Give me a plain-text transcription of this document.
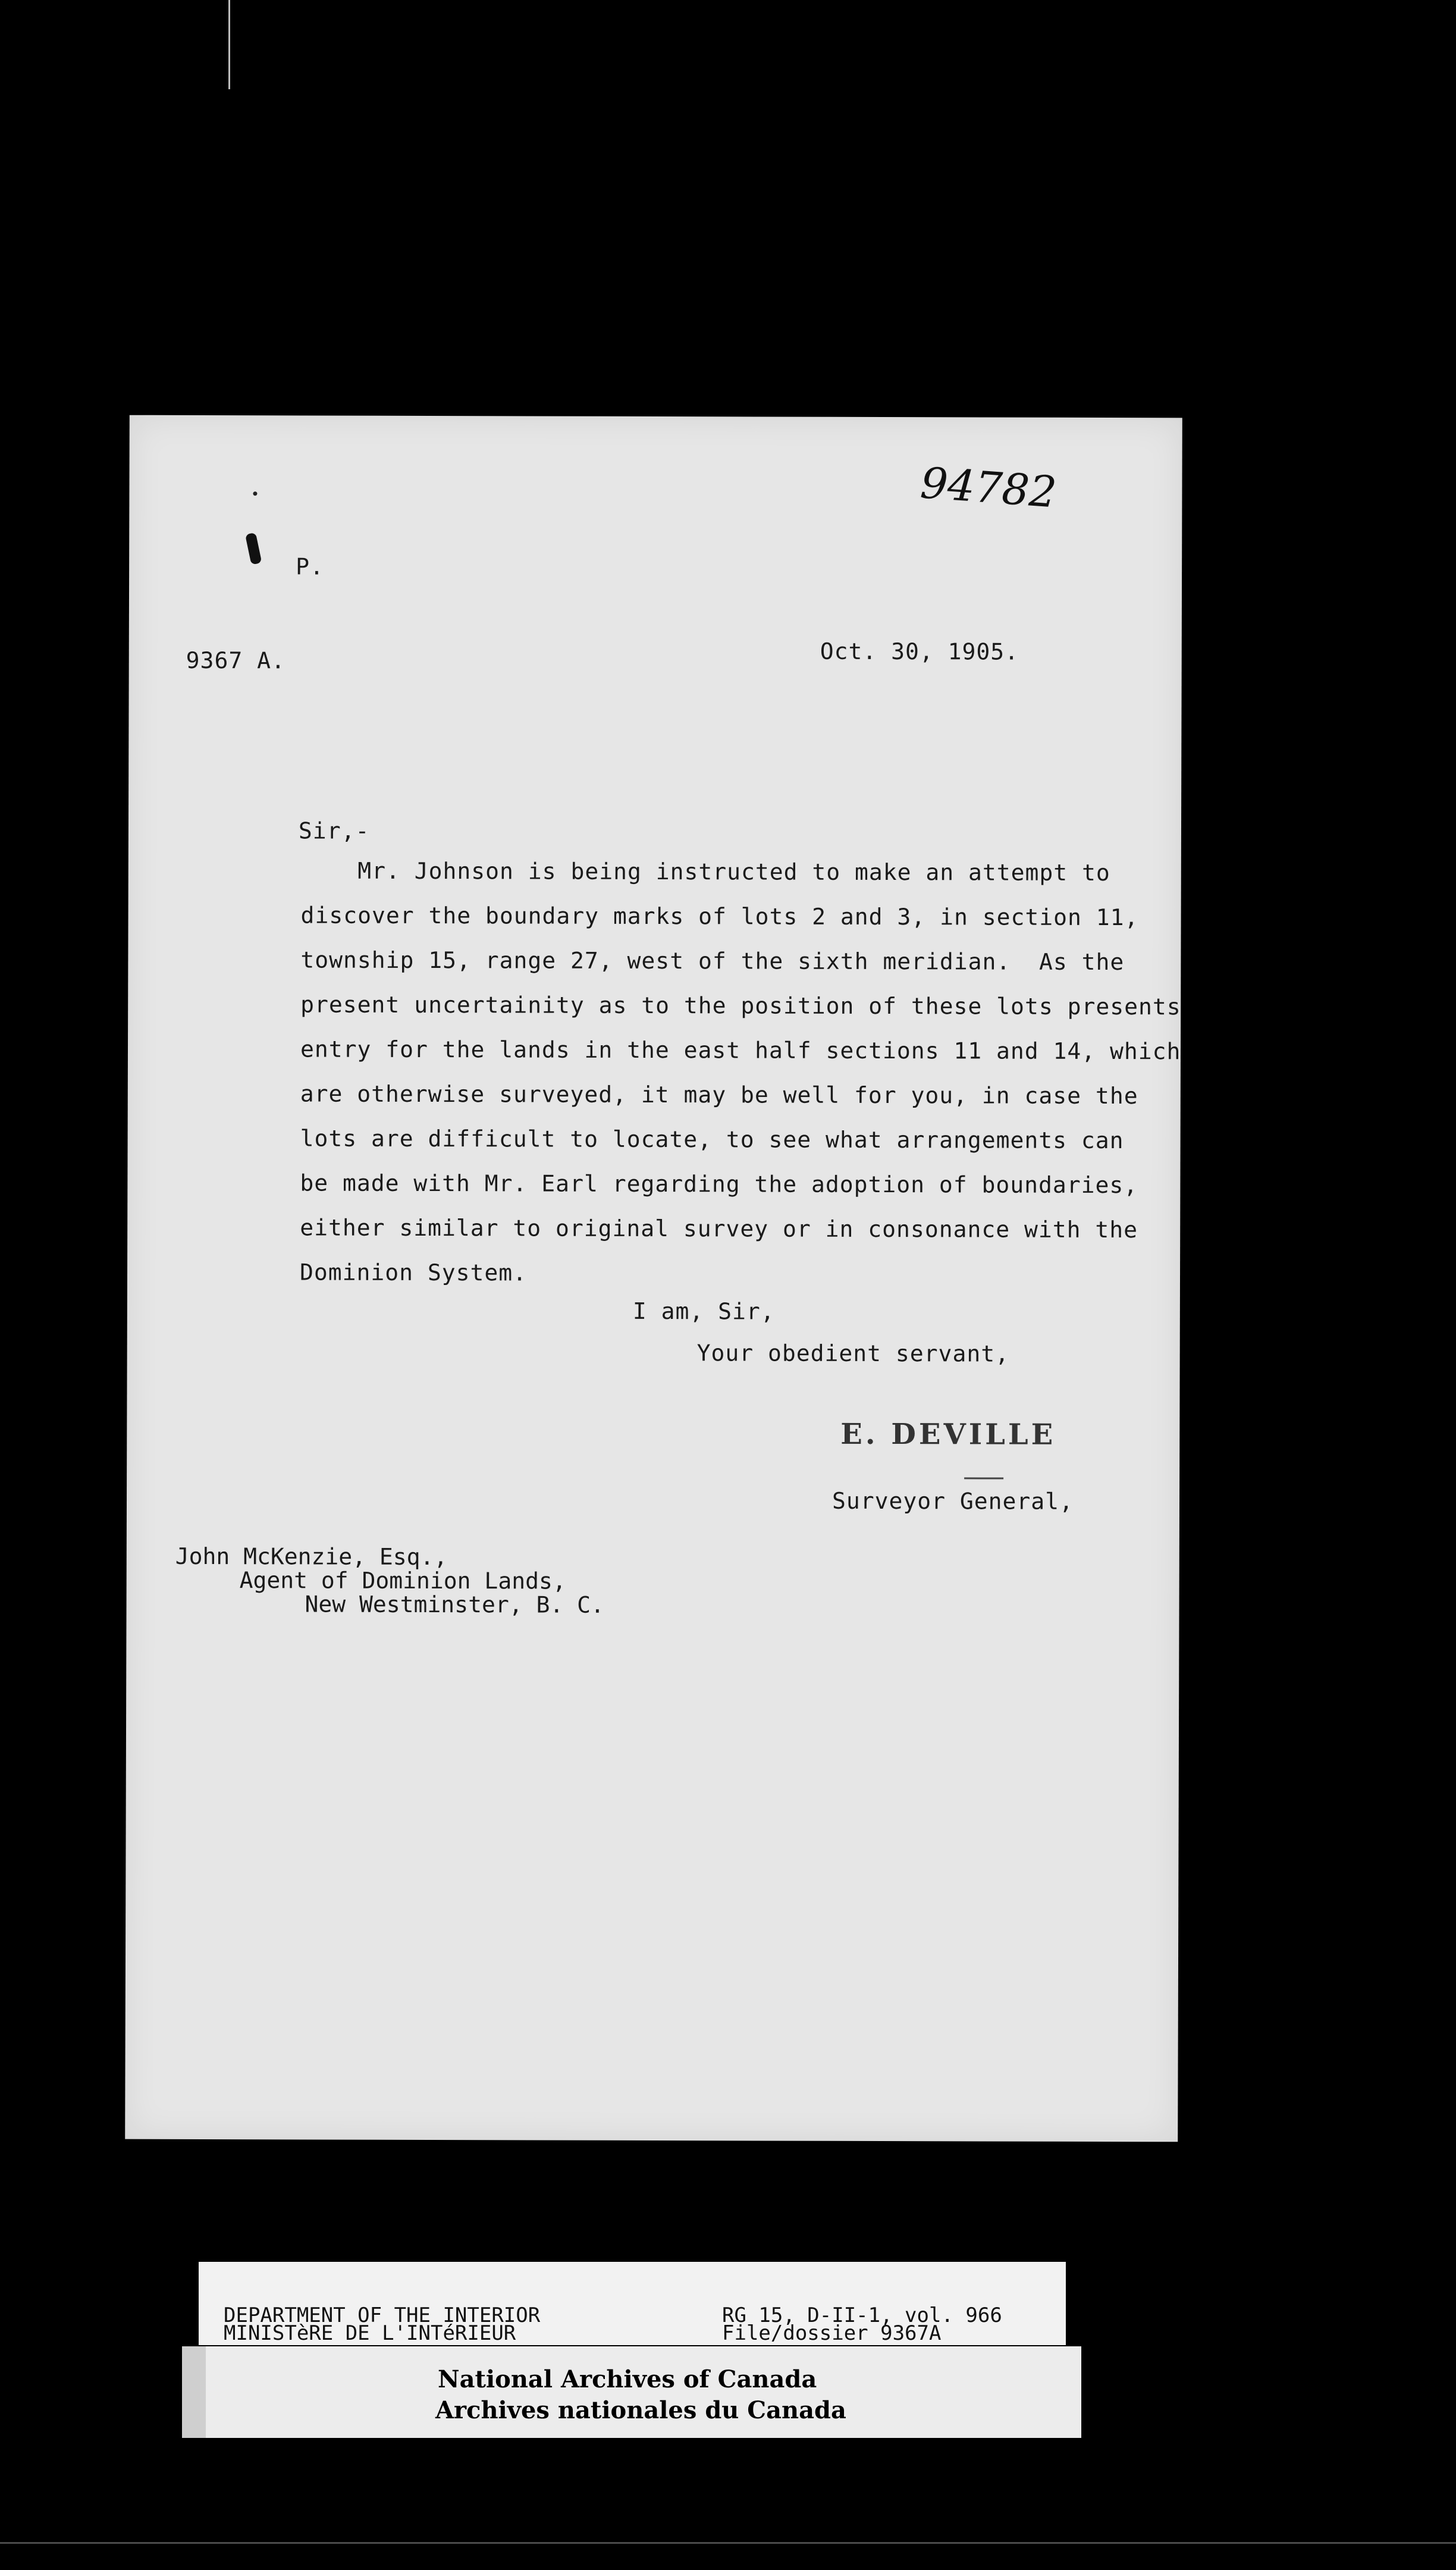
94782
P.
9367 A.	Oct. 30, 1905.
Sir,-
Mr. Johnson is being instructed to make an attempt to
discover the boundary marks of lots 2 and 3, in section 11,
township 15, range 27, west of the sixth meridian.  As the
present uncertainity as to the position of these lots presents
entry for the lands in the east half sections 11 and 14, which
are otherwise surveyed, it may be well for you, in case the
lots are difficult to locate, to see what arrangements can
be made with Mr. Earl regarding the adoption of boundaries,
either similar to original survey or in consonance with the
Dominion System.
I am, Sir,
Your obedient servant,
E. DEVILLE
Surveyor General,
John McKenzie, Esq.,
Agent of Dominion Lands,
New Westminster, B. C.
DEPARTMENT OF THE INTERIOR
MINISTèRE DE L'INTéRIEUR
RG 15, D-II-1, vol. 966
File/dossier 9367A
National Archives of Canada
Archives nationales du Canada
